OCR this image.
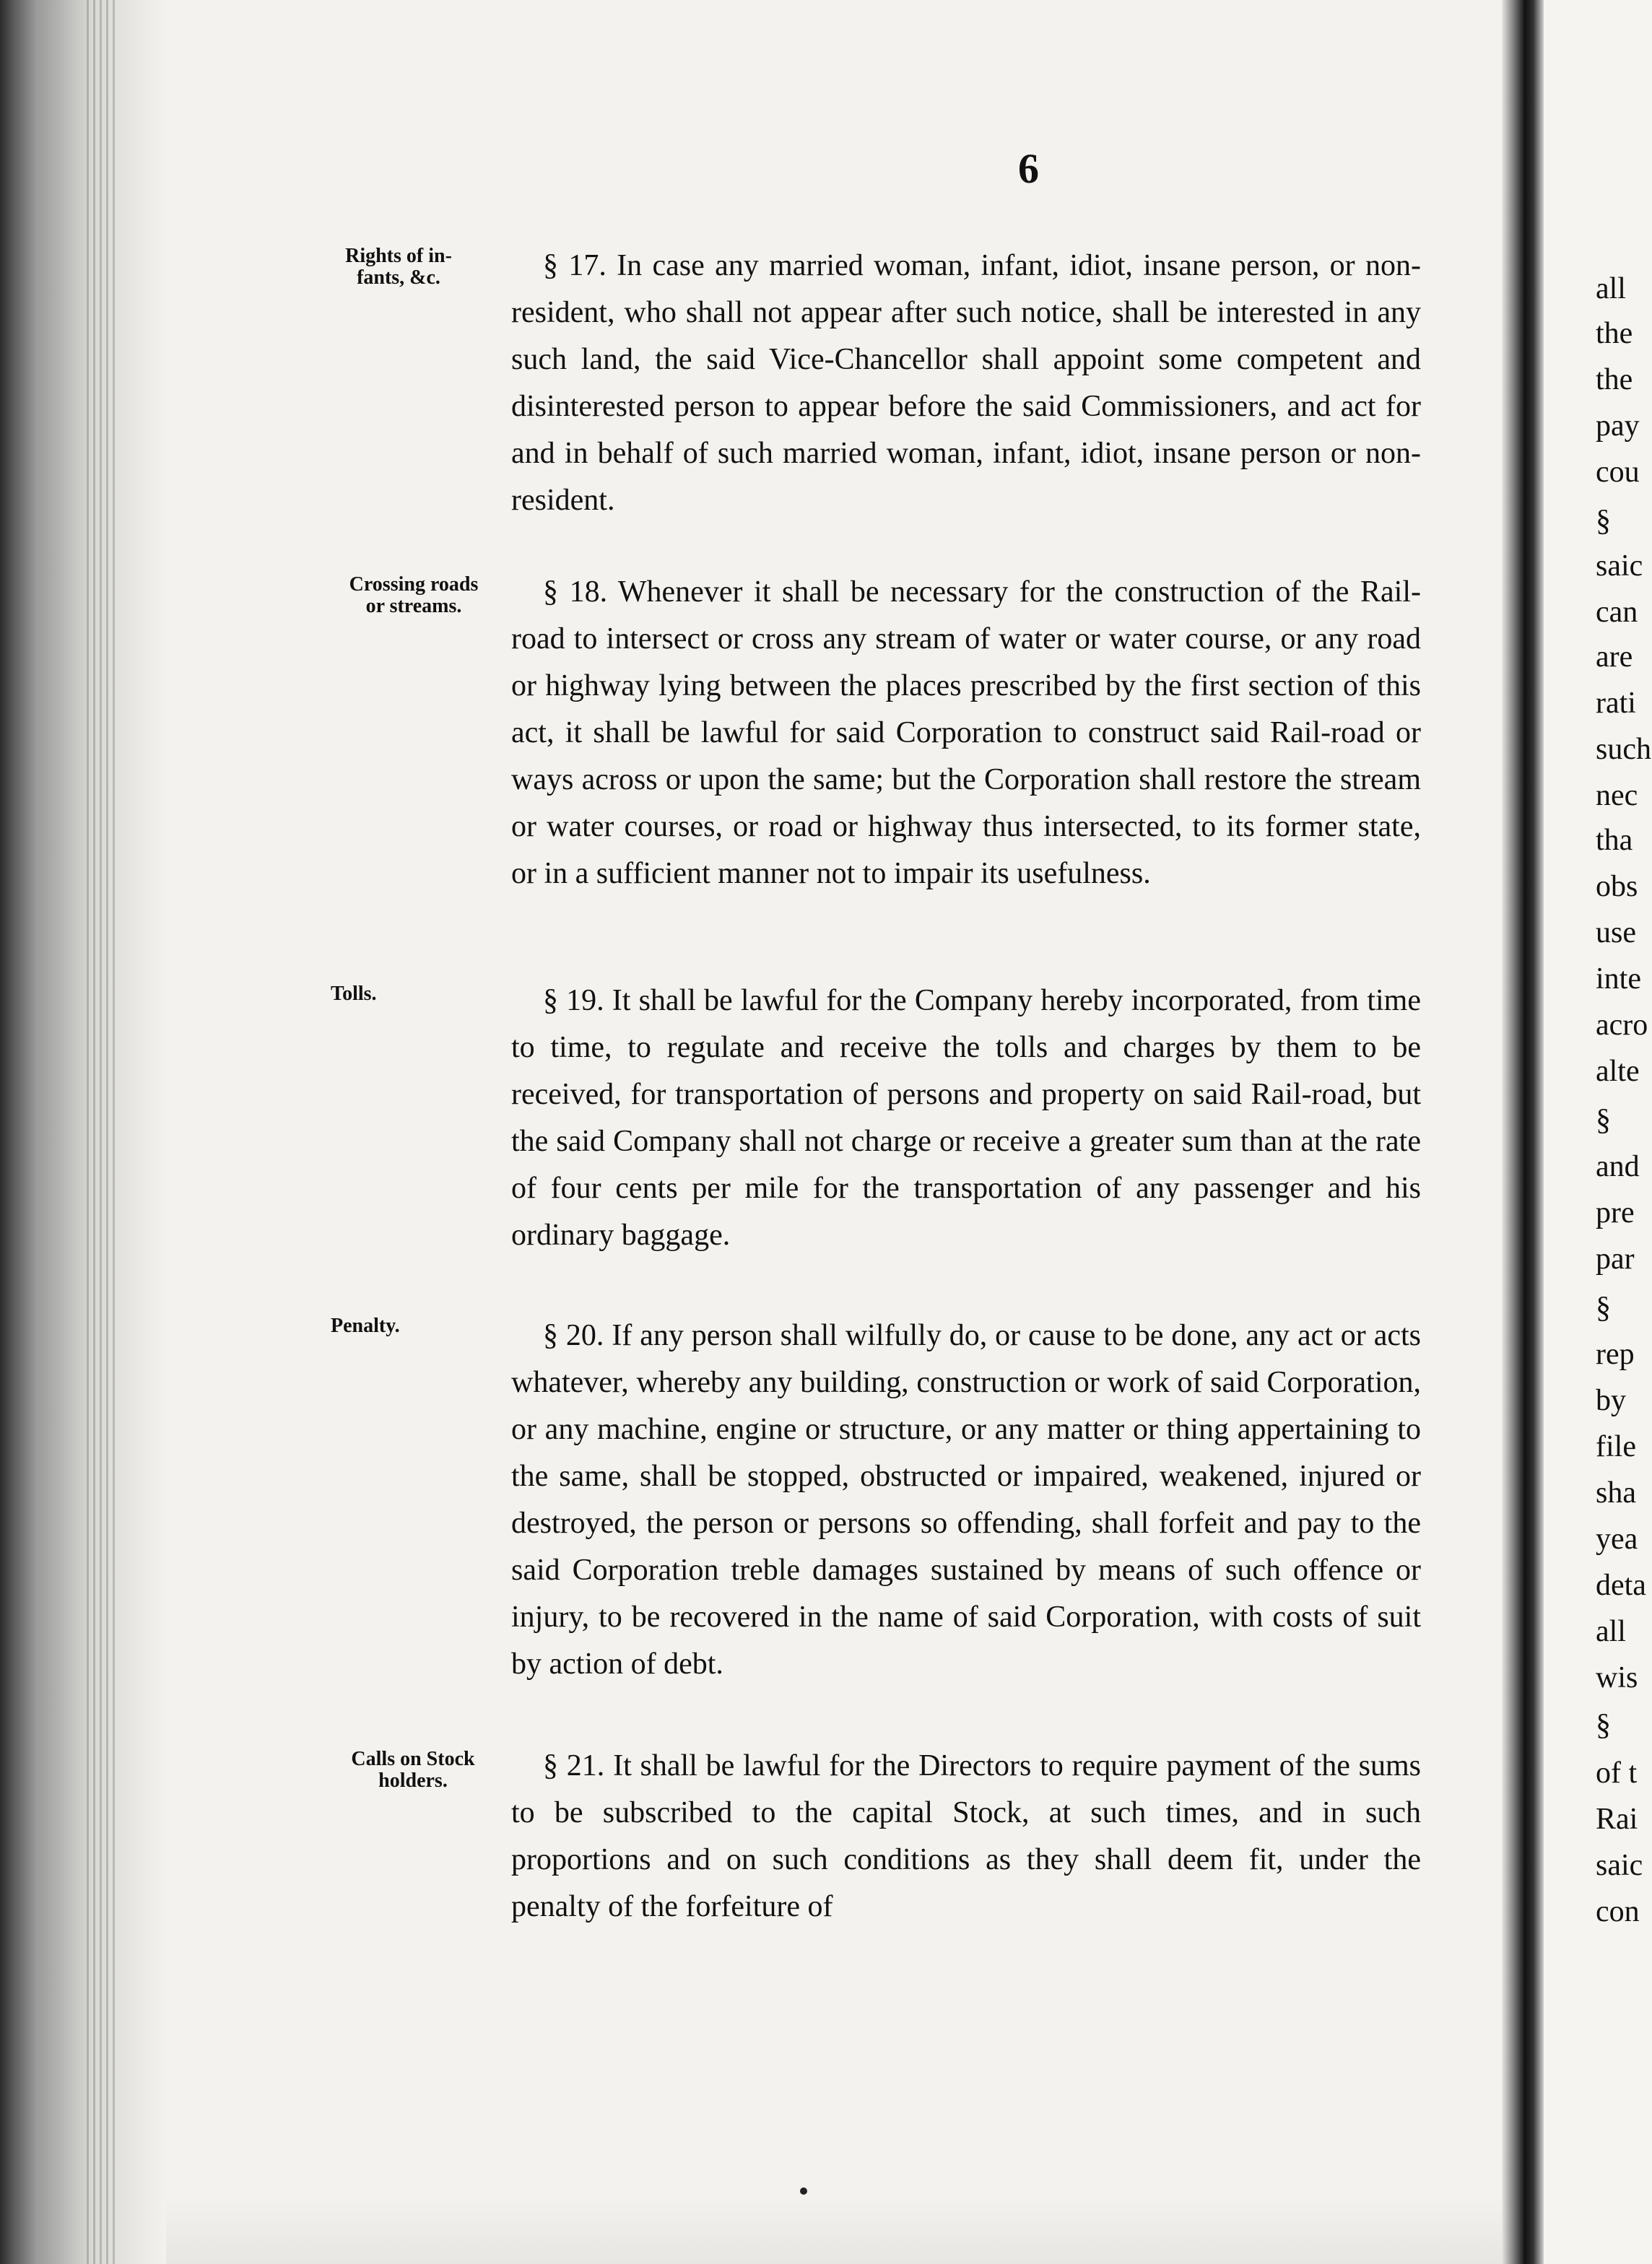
6
Rights of in-
fants, &c.
Crossing roads
or streams.
Tolls.
Penalty.
Calls on Stock
holders.

§ 17. In case any married woman, infant, idiot, insane person, or non-resident, who shall not appear after such notice, shall be interested in any such land, the said Vice-Chancellor shall appoint some competent and disinterested person to appear before the said Commissioners, and act for and in behalf of such married woman, infant, idiot, insane person or non-resident.

§ 18. Whenever it shall be necessary for the construction of the Rail-road to intersect or cross any stream of water or water course, or any road or highway lying between the places prescribed by the first section of this act, it shall be lawful for said Corporation to construct said Rail-road or ways across or upon the same; but the Corporation shall restore the stream or water courses, or road or highway thus intersected, to its former state, or in a sufficient manner not to impair its usefulness.

§ 19. It shall be lawful for the Company hereby incorporated, from time to time, to regulate and receive the tolls and charges by them to be received, for transportation of persons and property on said Rail-road, but the said Company shall not charge or receive a greater sum than at the rate of four cents per mile for the transportation of any passenger and his ordinary baggage.

§ 20. If any person shall wilfully do, or cause to be done, any act or acts whatever, whereby any building, construction or work of said Corporation, or any machine, engine or structure, or any matter or thing appertaining to the same, shall be stopped, obstructed or impaired, weakened, injured or destroyed, the person or persons so offending, shall forfeit and pay to the said Corporation treble damages sustained by means of such offence or injury, to be recovered in the name of said Corporation, with costs of suit by action of debt.

§ 21. It shall be lawful for the Directors to require payment of the sums to be subscribed to the capital Stock, at such times, and in such proportions and on such conditions as they shall deem fit, under the penalty of the forfeiture of

all
the
the
pay
cou
§
saic
can
are
rati
such
nec
tha
obs
use
inte
acro
alte
§
and
pre
par
§
rep
by
file
sha
yea
deta
all
wis
§
of t
Rai
saic
con
